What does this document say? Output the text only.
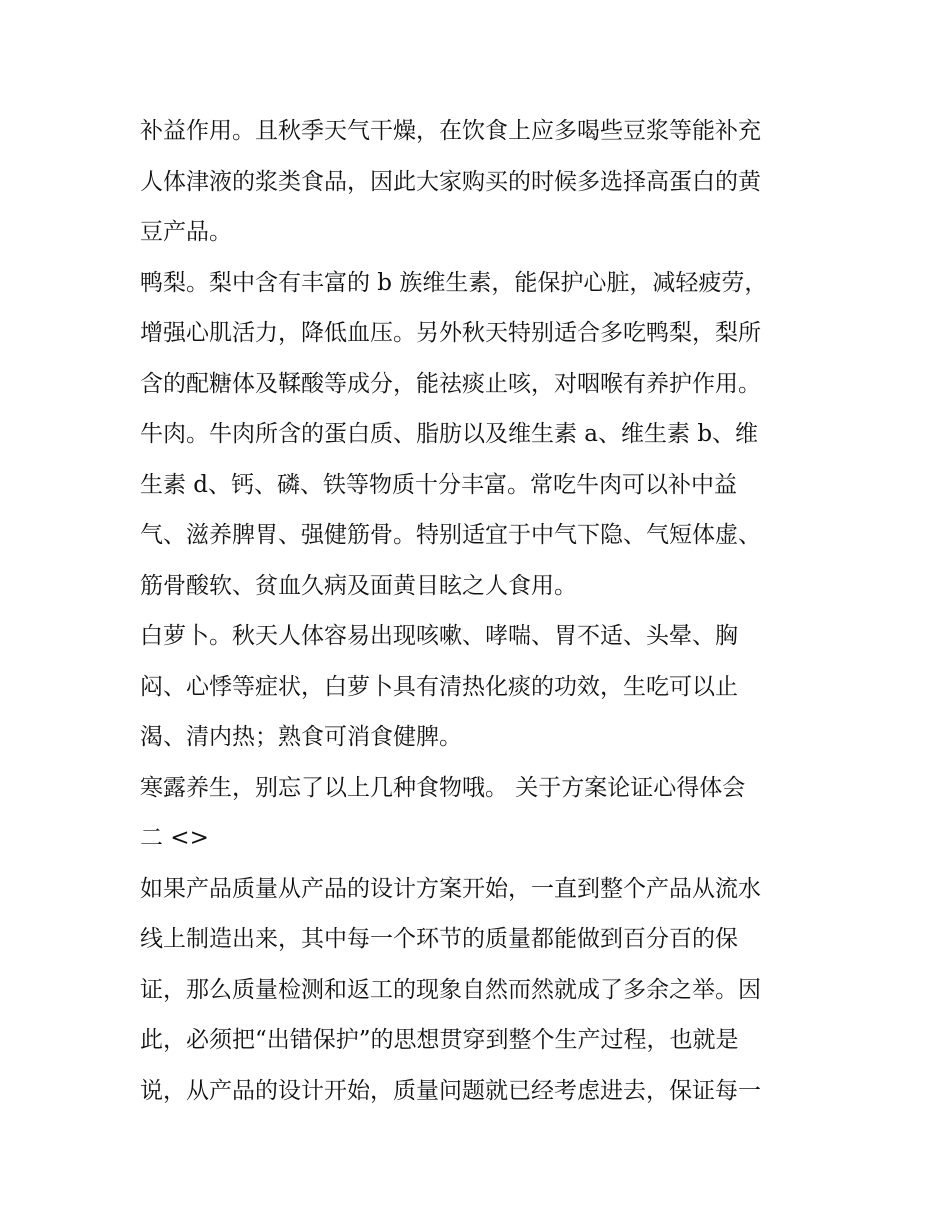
补益作用。且秋季天气干燥，在饮食上应多喝些豆浆等能补充
人体津液的浆类食品，因此大家购买的时候多选择高蛋白的黄
豆产品。
鸭梨。梨中含有丰富的 b 族维生素，能保护心脏，减轻疲劳，
增强心肌活力，降低血压。另外秋天特别适合多吃鸭梨，梨所
含的配糖体及鞣酸等成分，能祛痰止咳，对咽喉有养护作用。
牛肉。牛肉所含的蛋白质、脂肪以及维生素 a、维生素 b、维
生素 d、钙、磷、铁等物质十分丰富。常吃牛肉可以补中益
气、滋养脾胃、强健筋骨。特别适宜于中气下隐、气短体虚、
筋骨酸软、贫血久病及面黄目眩之人食用。
白萝卜。秋天人体容易出现咳嗽、哮喘、胃不适、头晕、胸
闷、心悸等症状，白萝卜具有清热化痰的功效，生吃可以止
渴、清内热；熟食可消食健脾。
寒露养生，别忘了以上几种食物哦。 关于方案论证心得体会
二 <>
如果产品质量从产品的设计方案开始，一直到整个产品从流水
线上制造出来，其中每一个环节的质量都能做到百分百的保
证，那么质量检测和返工的现象自然而然就成了多余之举。因
此，必须把“出错保护”的思想贯穿到整个生产过程，也就是
说，从产品的设计开始，质量问题就已经考虑进去，保证每一
